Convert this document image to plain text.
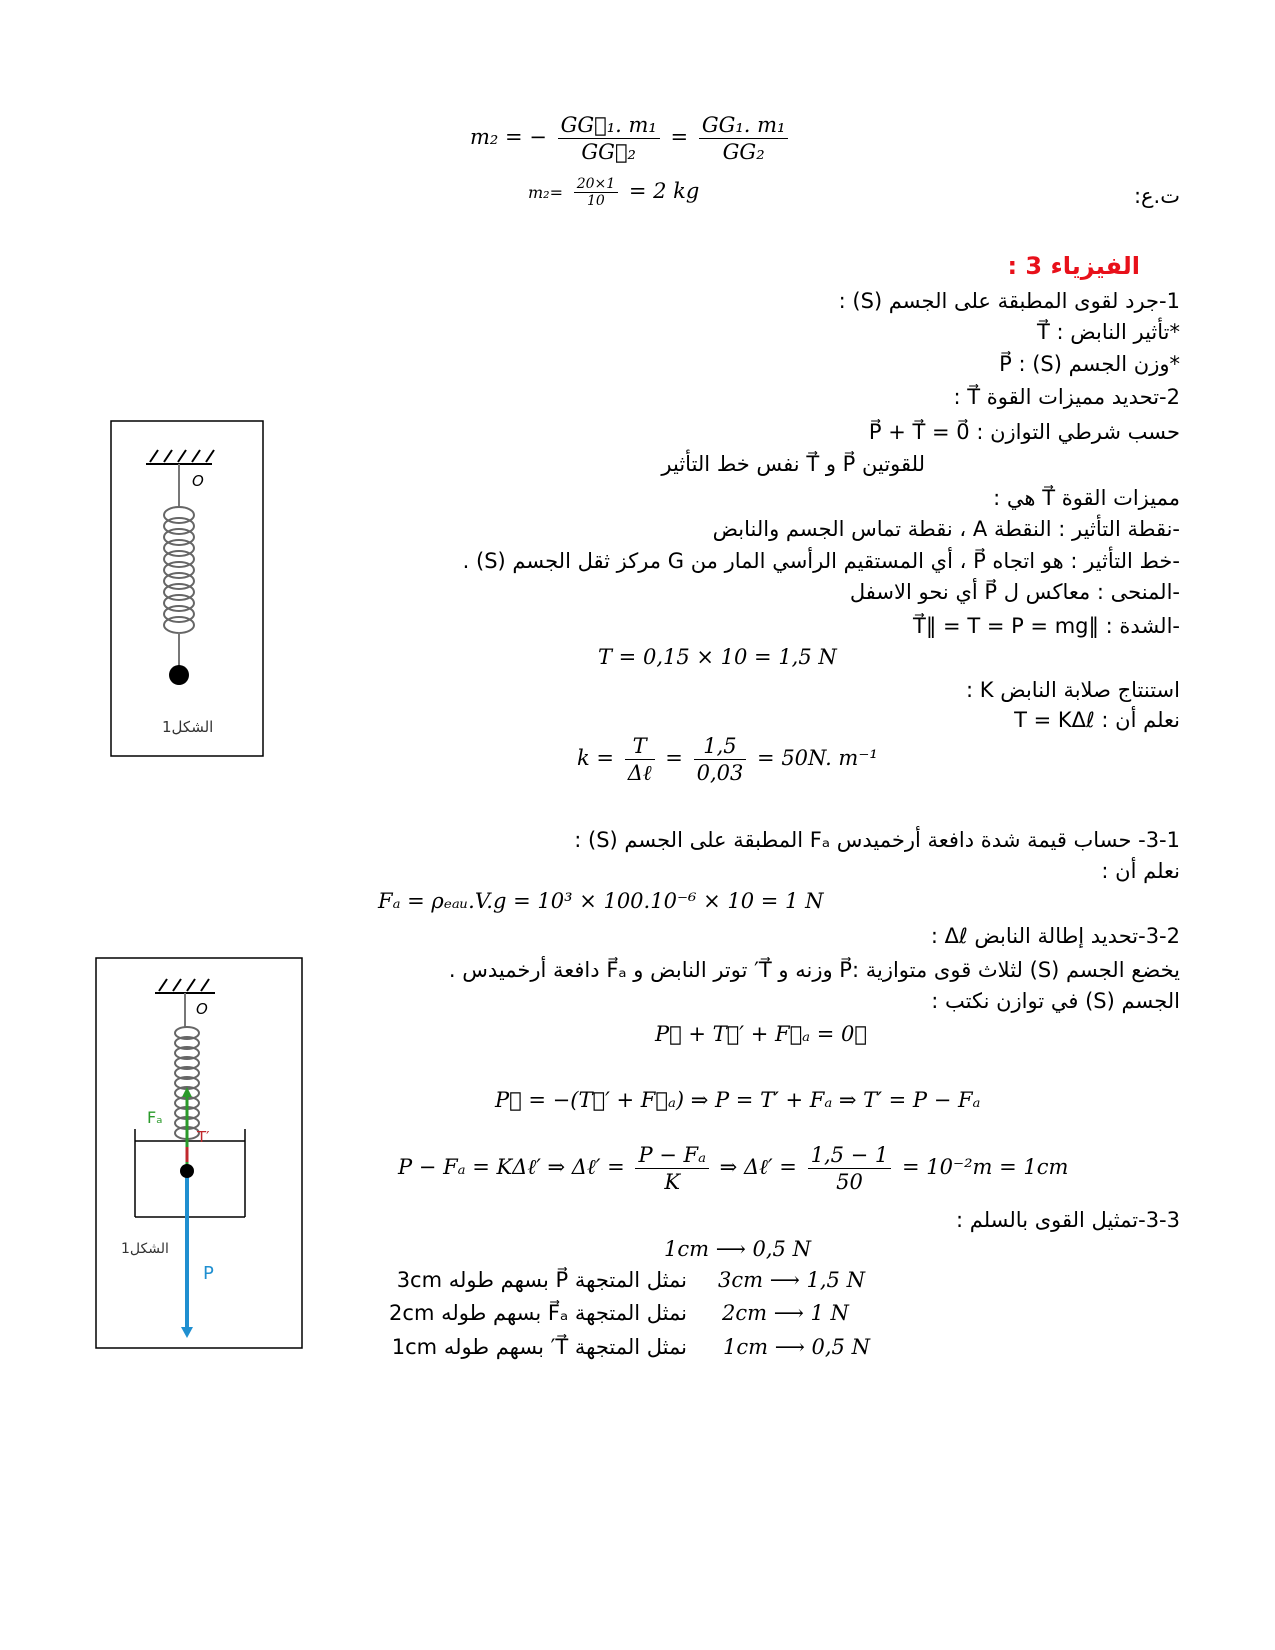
m₂ = − $\frac{\text{GG⃗₁. m₁}}{\text{GG⃗₂}} = \frac{\text{GG₁. m₁}}{\text{GG₂}}$
$m_2= \frac{20\times 1}{10} = 2$ kg	ت.ع:
الفيزياء 3 :
1-جرد لقوى المطبقة على الجسم (S) :
*تأثير النابض : T⃗
*وزن الجسم (S) : P⃗
2-تحديد مميزات القوة T⃗ :
حسب شرطي التوازن : P⃗ + T⃗ = 0⃗
للقوتين P⃗ و T⃗ نفس خط التأثير
مميزات القوة T⃗ هي :
-نقطة التأثير : النقطة A ، نقطة تماس الجسم والنابض
-خط التأثير : هو اتجاه P⃗ ، أي المستقيم الرأسي المار من G مركز ثقل الجسم (S) .
-المنحى : معاكس ل P⃗ أي نحو الاسفل
-الشدة : ‖T⃗‖ = T = P = mg
T = 0,15 × 10 = 1,5 N
استنتاج صلابة النابض K :
نعلم أن : T = KΔℓ
$k = \frac{T}{\text{Δℓ}} = \frac{1,5}{0,03} = 50N$. m⁻¹
3-1- حساب قيمة شدة دافعة أرخميدس Fₐ المطبقة على الجسم (S) :
نعلم أن :
Fₐ = ρₑₐᵤ.V.g = 10³ × 100.10⁻⁶ × 10 = 1 N
3-2-تحديد إطالة النابض Δℓ :
يخضع الجسم (S) لثلاث قوى متوازية :P⃗ وزنه و T⃗′ توتر النابض و F⃗ₐ دافعة أرخميدس .
الجسم (S) في توازن نكتب :
P⃗ + T⃗′ + F⃗ₐ = 0⃗
P⃗ = −(T⃗′ + F⃗ₐ) ⇒ P = T′ + Fₐ ⇒ T′ = P − Fₐ
P − Fₐ = KΔℓ′ ⇒ Δℓ′ = $\frac{\text{P − Fₐ}}{K}$ ⇒ Δℓ′ = $\frac{1,5 - 1}{50} = 10^{-2}m = 1cm$
3-3-تمثيل القوى بالسلم :
1cm ⟶ 0,5 N
نمثل المتجهة P⃗ بسهم طوله 3cm 3cm ⟶ 1,5 N
نمثل المتجهة F⃗ₐ بسهم طوله 2cm 2cm ⟶ 1 N
نمثل المتجهة T⃗′ بسهم طوله 1cm 1cm ⟶ 0,5 N
O
الشكل1
O
Fₐ
P
T′
الشكل1
